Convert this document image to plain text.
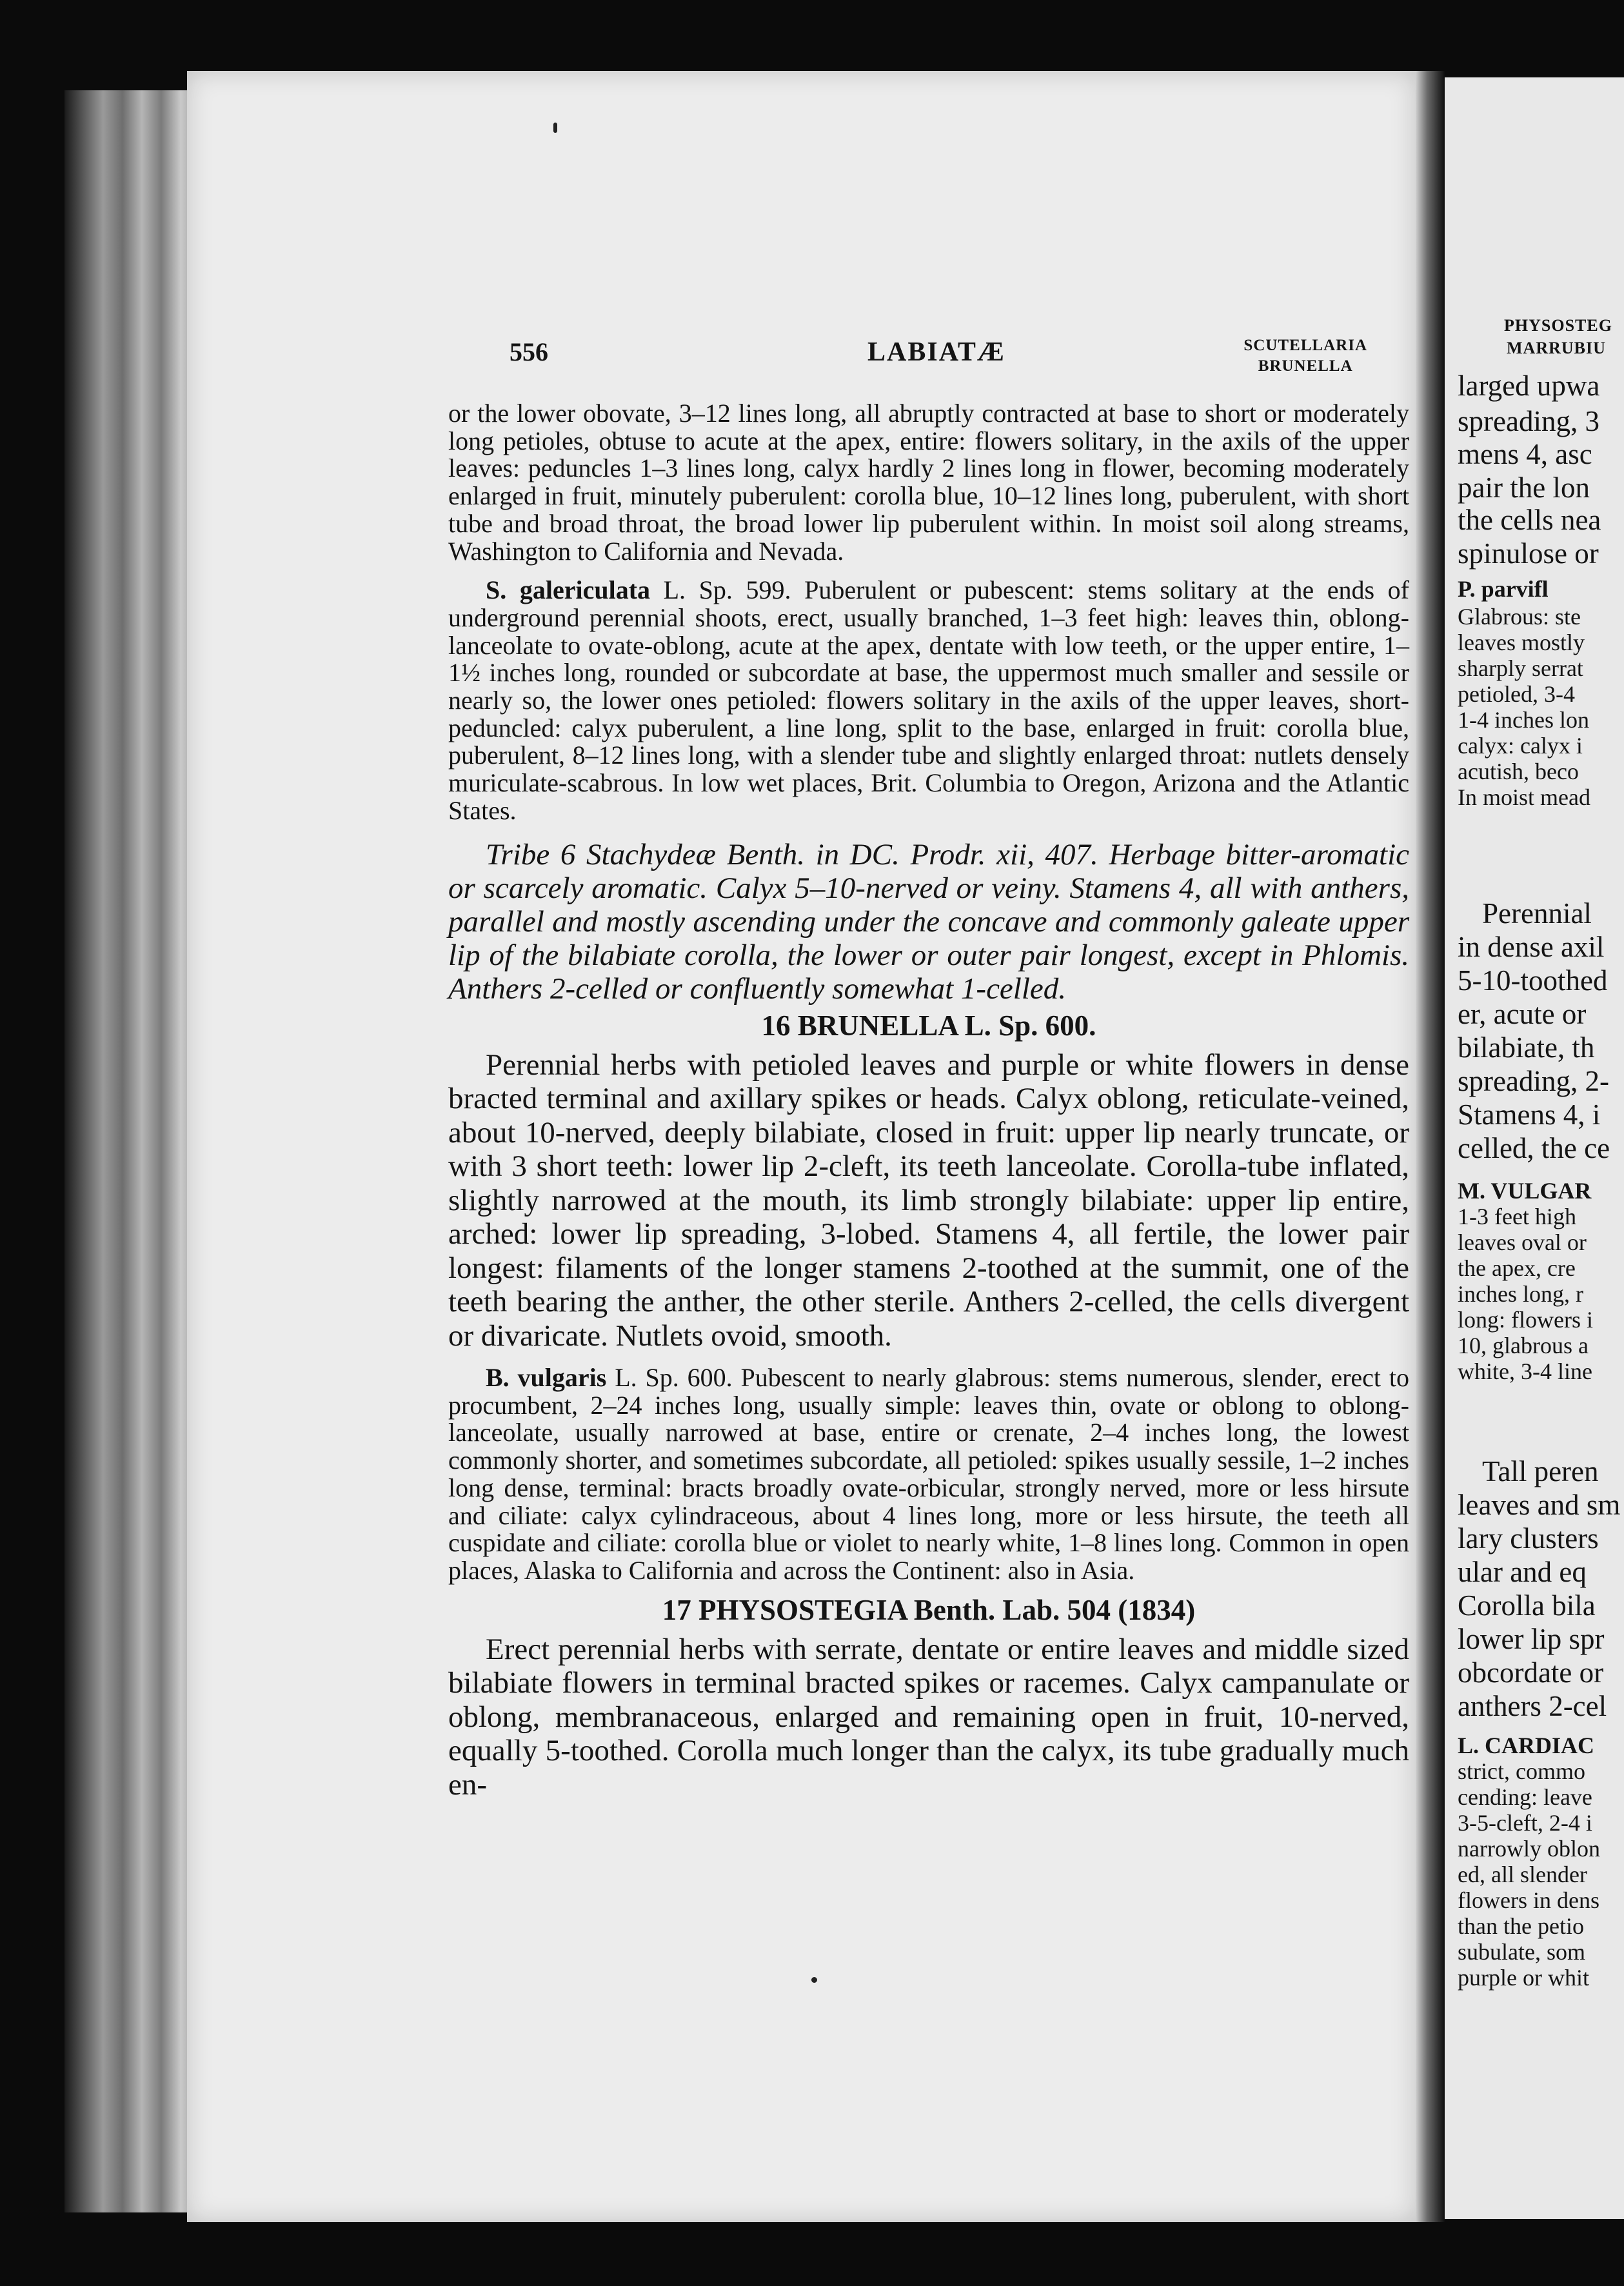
556	LABIATÆ	SCUTELLARIA
BRUNELLA

or the lower obovate, 3–12 lines long, all abruptly contracted at base to short or moderately long petioles, obtuse to acute at the apex, entire: flowers solitary, in the axils of the upper leaves: peduncles 1–3 lines long, calyx hardly 2 lines long in flower, becoming moderately enlarged in fruit, minutely puberulent: corolla blue, 10–12 lines long, puberulent, with short tube and broad throat, the broad lower lip puberulent within. In moist soil along streams, Washington to California and Nevada.

S. galericulata L. Sp. 599. Puberulent or pubescent: stems solitary at the ends of underground perennial shoots, erect, usually branched, 1–3 feet high: leaves thin, oblong-lanceolate to ovate-oblong, acute at the apex, dentate with low teeth, or the upper entire, 1–1½ inches long, rounded or subcordate at base, the uppermost much smaller and sessile or nearly so, the lower ones petioled: flowers solitary in the axils of the upper leaves, short-peduncled: calyx puberulent, a line long, split to the base, enlarged in fruit: corolla blue, puberulent, 8–12 lines long, with a slender tube and slightly enlarged throat: nutlets densely muriculate-scabrous. In low wet places, Brit. Columbia to Oregon, Arizona and the Atlantic States.

Tribe 6 Stachydeæ Benth. in DC. Prodr. xii, 407. Herbage bitter-aromatic or scarcely aromatic. Calyx 5–10-nerved or veiny. Stamens 4, all with anthers, parallel and mostly ascending under the concave and commonly galeate upper lip of the bilabiate corolla, the lower or outer pair longest, except in Phlomis. Anthers 2-celled or confluently somewhat 1-celled.

16 BRUNELLA L. Sp. 600.

Perennial herbs with petioled leaves and purple or white flowers in dense bracted terminal and axillary spikes or heads. Calyx oblong, reticulate-veined, about 10-nerved, deeply bilabiate, closed in fruit: upper lip nearly truncate, or with 3 short teeth: lower lip 2-cleft, its teeth lanceolate. Corolla-tube inflated, slightly narrowed at the mouth, its limb strongly bilabiate: upper lip entire, arched: lower lip spreading, 3-lobed. Stamens 4, all fertile, the lower pair longest: filaments of the longer stamens 2-toothed at the summit, one of the teeth bearing the anther, the other sterile. Anthers 2-celled, the cells divergent or divaricate. Nutlets ovoid, smooth.

B. vulgaris L. Sp. 600. Pubescent to nearly glabrous: stems numerous, slender, erect to procumbent, 2–24 inches long, usually simple: leaves thin, ovate or oblong to oblong-lanceolate, usually narrowed at base, entire or crenate, 2–4 inches long, the lowest commonly shorter, and sometimes subcordate, all petioled: spikes usually sessile, 1–2 inches long dense, terminal: bracts broadly ovate-orbicular, strongly nerved, more or less hirsute and ciliate: calyx cylindraceous, about 4 lines long, more or less hirsute, the teeth all cuspidate and ciliate: corolla blue or violet to nearly white, 1–8 lines long. Common in open places, Alaska to California and across the Continent: also in Asia.

17 PHYSOSTEGIA Benth. Lab. 504 (1834)

Erect perennial herbs with serrate, dentate or entire leaves and middle sized bilabiate flowers in terminal bracted spikes or racemes. Calyx campanulate or oblong, membranaceous, enlarged and remaining open in fruit, 10-nerved, equally 5-toothed. Corolla much longer than the calyx, its tube gradually much en-

PHYSOSTEG
MARRUBIU
larged upwa
spreading, 3
mens 4, asc
pair the lon
the cells nea
spinulose or
P. parvifl
Glabrous: ste
leaves mostly
sharply serrat
petioled, 3-4
1-4 inches lon
calyx: calyx i
acutish, beco
In moist mead
Perennial
in dense axil
5-10-toothed
er, acute or
bilabiate, th
spreading, 2-
Stamens 4, i
celled, the ce
M. VULGAR
1-3 feet high
leaves oval or
the apex, cre
inches long, r
long: flowers i
10, glabrous a
white, 3-4 line
Tall peren
leaves and sm
lary clusters
ular and eq
Corolla bila
lower lip spr
obcordate or
anthers 2-cel
L. CARDIAC
strict, commo
cending: leave
3-5-cleft, 2-4 i
narrowly oblon
ed, all slender
flowers in dens
than the petio
subulate, som
purple or whit
